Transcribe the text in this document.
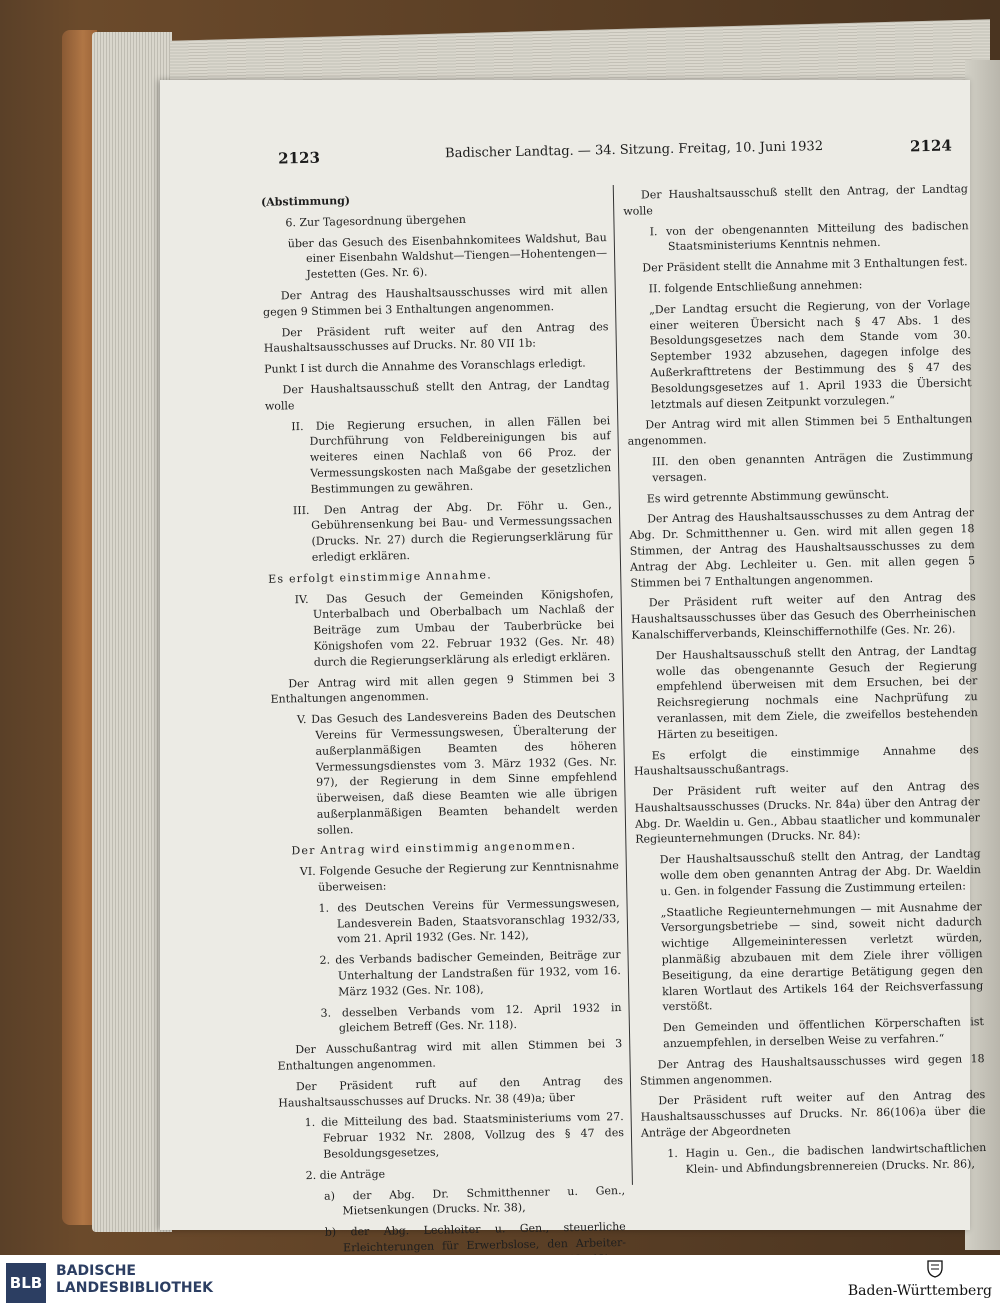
2123	Badischer Landtag. — 34. Sitzung. Freitag, 10. Juni 1932	2124

(Abstimmung)

6. Zur Tagesordnung übergehen

über das Gesuch des Eisenbahnkomitees Waldshut, Bau einer Eisenbahn Waldshut—Tiengen—Hohentengen—Jestetten (Ges. Nr. 6).

Der Antrag des Haushaltsausschusses wird mit allen gegen 9 Stimmen bei 3 Enthaltungen angenommen.

Der Präsident ruft weiter auf den Antrag des Haushaltsausschusses auf Drucks. Nr. 80 VII 1b:

Punkt I ist durch die Annahme des Voranschlags erledigt.

Der Haushaltsausschuß stellt den Antrag, der Landtag wolle

II. Die Regierung ersuchen, in allen Fällen bei Durchführung von Feldbereinigungen bis auf weiteres einen Nachlaß von 66 Proz. der Vermessungskosten nach Maßgabe der gesetzlichen Bestimmungen zu gewähren.

III. Den Antrag der Abg. Dr. Föhr u. Gen., Gebührensenkung bei Bau- und Vermessungssachen (Drucks. Nr. 27) durch die Regierungserklärung für erledigt erklären.

Es erfolgt einstimmige Annahme.

IV. Das Gesuch der Gemeinden Königshofen, Unterbalbach und Oberbalbach um Nachlaß der Beiträge zum Umbau der Tauberbrücke bei Königshofen vom 22. Februar 1932 (Ges. Nr. 48) durch die Regierungserklärung als erledigt erklären.

Der Antrag wird mit allen gegen 9 Stimmen bei 3 Enthaltungen angenommen.

V. Das Gesuch des Landesvereins Baden des Deutschen Vereins für Vermessungswesen, Überalterung der außerplanmäßigen Beamten des höheren Vermessungsdienstes vom 3. März 1932 (Ges. Nr. 97), der Regierung in dem Sinne empfehlend überweisen, daß diese Beamten wie alle übrigen außerplanmäßigen Beamten behandelt werden sollen.

Der Antrag wird einstimmig angenommen.

VI. Folgende Gesuche der Regierung zur Kenntnisnahme überweisen:

1. des Deutschen Vereins für Vermessungswesen, Landesverein Baden, Staatsvoranschlag 1932/33, vom 21. April 1932 (Ges. Nr. 142),

2. des Verbands badischer Gemeinden, Beiträge zur Unterhaltung der Landstraßen für 1932, vom 16. März 1932 (Ges. Nr. 108),

3. desselben Verbands vom 12. April 1932 in gleichem Betreff (Ges. Nr. 118).

Der Ausschußantrag wird mit allen Stimmen bei 3 Enthaltungen angenommen.

Der Präsident ruft auf den Antrag des Haushaltsausschusses auf Drucks. Nr. 38 (49)a; über

1. die Mitteilung des bad. Staatsministeriums vom 27. Februar 1932 Nr. 2808, Vollzug des § 47 des Besoldungsgesetzes,

2. die Anträge

a) der Abg. Dr. Schmitthenner u. Gen., Mietsenkungen (Drucks. Nr. 38),

b) der Abg. Lechleiter u. Gen., steuerliche Erleichterungen für Erwerbslose, den Arbeiter-

Der Haushaltsausschuß stellt den Antrag, der Landtag wolle

I. von der obengenannten Mitteilung des badischen Staatsministeriums Kenntnis nehmen.

Der Präsident stellt die Annahme mit 3 Enthaltungen fest.

II. folgende Entschließung annehmen:

„Der Landtag ersucht die Regierung, von der Vorlage einer weiteren Übersicht nach § 47 Abs. 1 des Besoldungsgesetzes nach dem Stande vom 30. September 1932 abzusehen, dagegen infolge des Außerkrafttretens der Bestimmung des § 47 des Besoldungsgesetzes auf 1. April 1933 die Übersicht letztmals auf diesen Zeitpunkt vorzulegen.“

Der Antrag wird mit allen Stimmen bei 5 Enthaltungen angenommen.

III. den oben genannten Anträgen die Zustimmung versagen.

Es wird getrennte Abstimmung gewünscht.

Der Antrag des Haushaltsausschusses zu dem Antrag der Abg. Dr. Schmitthenner u. Gen. wird mit allen gegen 18 Stimmen, der Antrag des Haushaltsausschusses zu dem Antrag der Abg. Lechleiter u. Gen. mit allen gegen 5 Stimmen bei 7 Enthaltungen angenommen.

Der Präsident ruft weiter auf den Antrag des Haushaltsausschusses über das Gesuch des Oberrheinischen Kanalschifferverbands, Kleinschiffernothilfe (Ges. Nr. 26).

Der Haushaltsausschuß stellt den Antrag, der Landtag wolle das obengenannte Gesuch der Regierung empfehlend überweisen mit dem Ersuchen, bei der Reichsregierung nochmals eine Nachprüfung zu veranlassen, mit dem Ziele, die zweifellos bestehenden Härten zu beseitigen.

Es erfolgt die einstimmige Annahme des Haushaltsausschußantrags.

Der Präsident ruft weiter auf den Antrag des Haushaltsausschusses (Drucks. Nr. 84a) über den Antrag der Abg. Dr. Waeldin u. Gen., Abbau staatlicher und kommunaler Regieunternehmungen (Drucks. Nr. 84):

Der Haushaltsausschuß stellt den Antrag, der Landtag wolle dem oben genannten Antrag der Abg. Dr. Waeldin u. Gen. in folgender Fassung die Zustimmung erteilen:

„Staatliche Regieunternehmungen — mit Ausnahme der Versorgungsbetriebe — sind, soweit nicht dadurch wichtige Allgemeininteressen verletzt würden, planmäßig abzubauen mit dem Ziele ihrer völligen Beseitigung, da eine derartige Betätigung gegen den klaren Wortlaut des Artikels 164 der Reichsverfassung verstößt.

Den Gemeinden und öffentlichen Körperschaften ist anzuempfehlen, in derselben Weise zu verfahren.“

Der Antrag des Haushaltsausschusses wird gegen 18 Stimmen angenommen.

Der Präsident ruft weiter auf den Antrag des Haushaltsausschusses auf Drucks. Nr. 86(106)a über die Anträge der Abgeordneten

1. Hagin u. Gen., die badischen landwirtschaftlichen Klein- und Abfindungsbrennereien (Drucks. Nr. 86),

BLB
BADISCHE
LANDESBIBLIOTHEK	Baden-Württemberg
